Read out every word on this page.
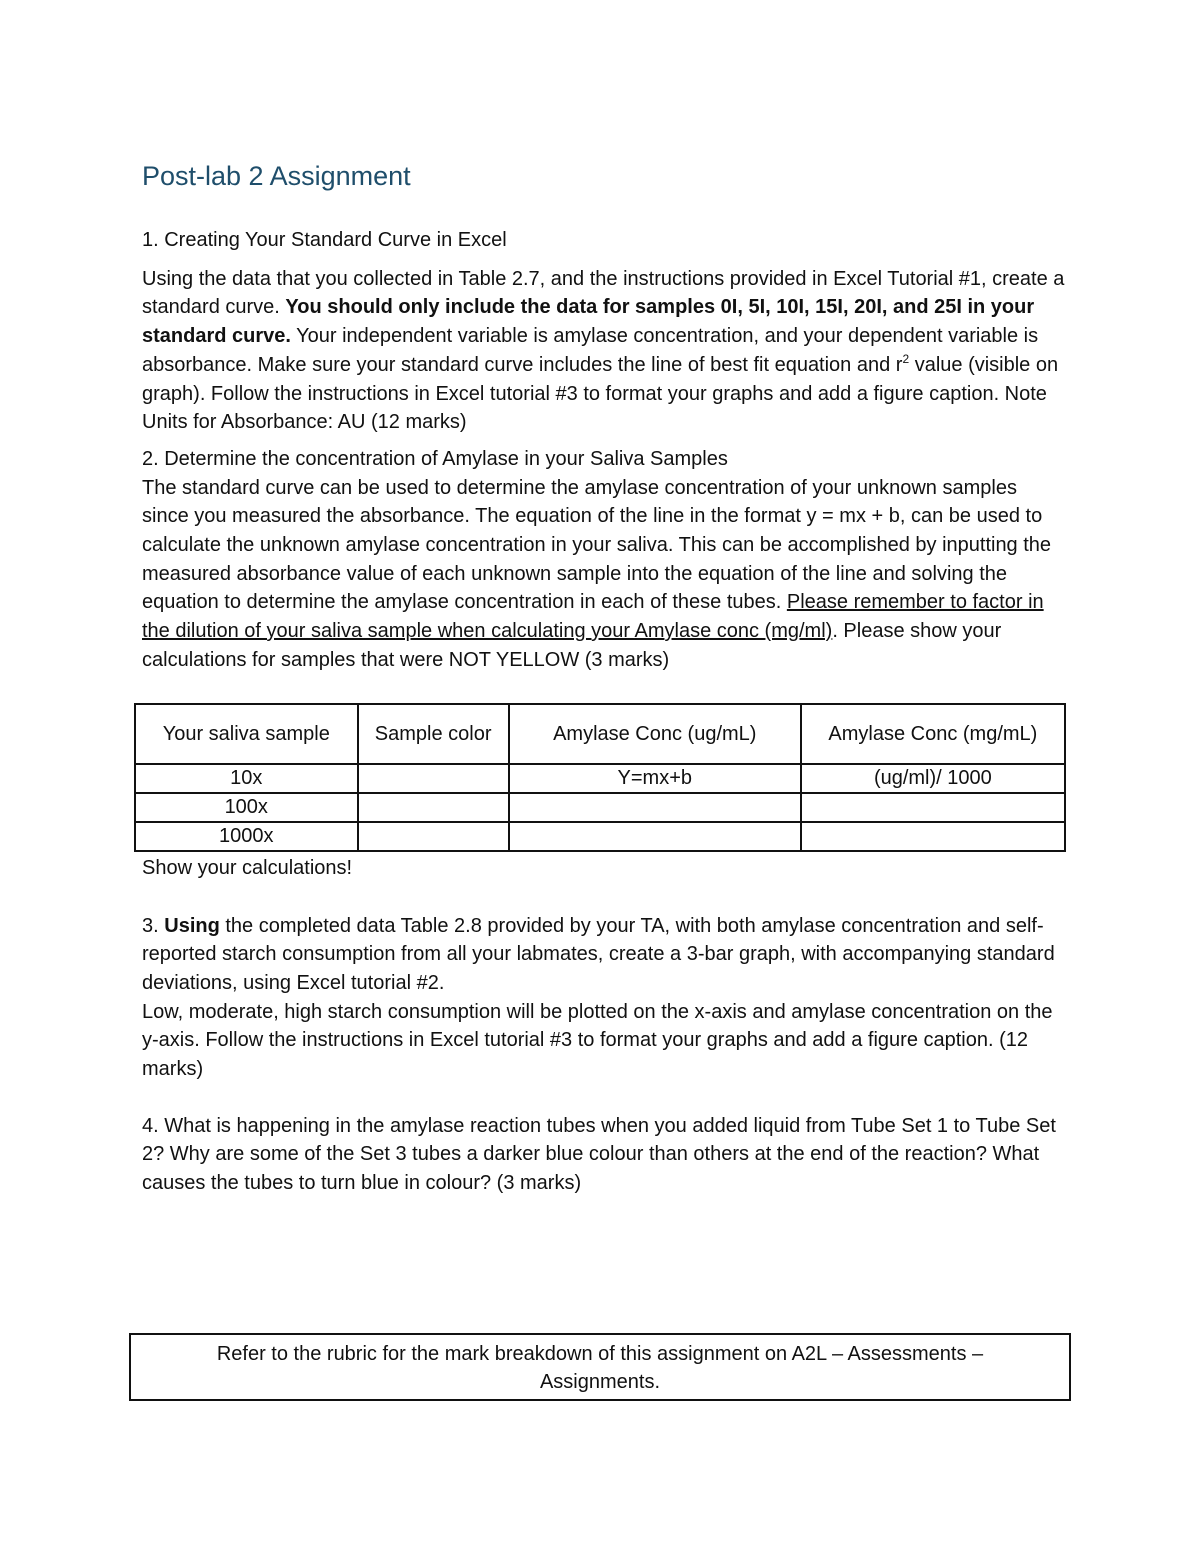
Post-lab 2 Assignment

1. Creating Your Standard Curve in Excel

Using the data that you collected in Table 2.7, and the instructions provided in Excel Tutorial #1, create a standard curve. You should only include the data for samples 0I, 5I, 10I, 15I, 20I, and 25I in your standard curve. Your independent variable is amylase concentration, and your dependent variable is absorbance. Make sure your standard curve includes the line of best fit equation and $r^2$ value (visible on graph). Follow the instructions in Excel tutorial #3 to format your graphs and add a figure caption. Note Units for Absorbance: AU (12 marks)

2. Determine the concentration of Amylase in your Saliva Samples

The standard curve can be used to determine the amylase concentration of your unknown samples since you measured the absorbance. The equation of the line in the format y = mx + b, can be used to calculate the unknown amylase concentration in your saliva. This can be accomplished by inputting the measured absorbance value of each unknown sample into the equation of the line and solving the equation to determine the amylase concentration in each of these tubes. Please remember to factor in the dilution of your saliva sample when calculating your Amylase conc (mg/ml). Please show your calculations for samples that were NOT YELLOW (3 marks)

Your saliva sample	Sample color	Amylase Conc (ug/mL)	Amylase Conc (mg/mL)
10x		Y=mx+b	(ug/ml)/ 1000
100x			
1000x			

Show your calculations!

3. Using the completed data Table 2.8 provided by your TA, with both amylase concentration and self-reported starch consumption from all your labmates, create a 3-bar graph, with accompanying standard deviations, using Excel tutorial #2.

Low, moderate, high starch consumption will be plotted on the x-axis and amylase concentration on the y-axis. Follow the instructions in Excel tutorial #3 to format your graphs and add a figure caption. (12 marks)

4. What is happening in the amylase reaction tubes when you added liquid from Tube Set 1 to Tube Set 2? Why are some of the Set 3 tubes a darker blue colour than others at the end of the reaction? What causes the tubes to turn blue in colour? (3 marks)

Refer to the rubric for the mark breakdown of this assignment on A2L – Assessments –
Assignments.
